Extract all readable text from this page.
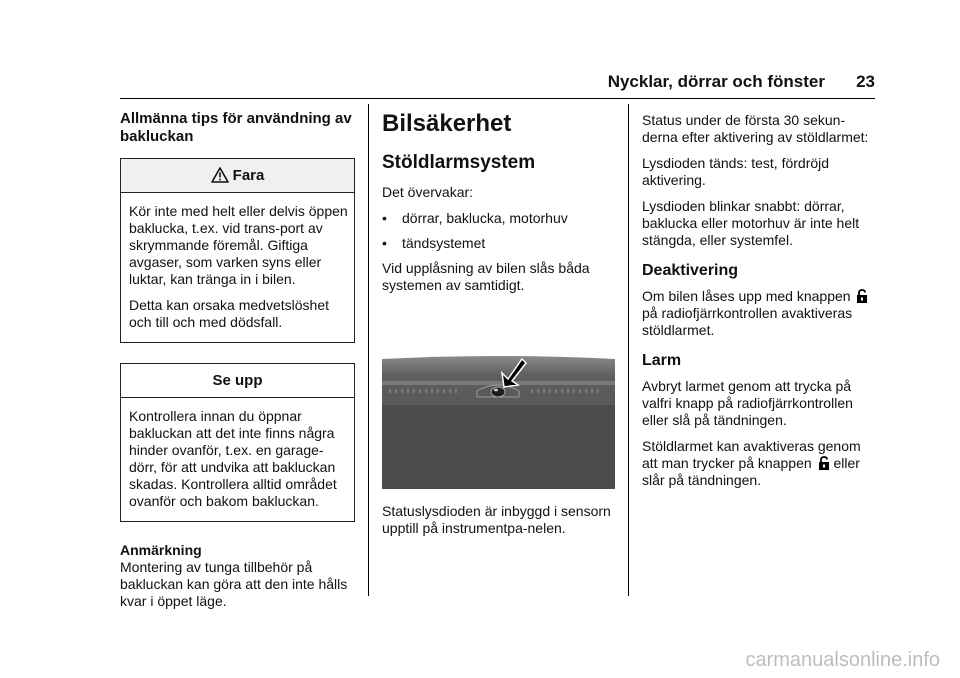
Nycklar, dörrar och fönster 23
Allmänna tips för användning av bakluckan
Fara

Kör inte med helt eller delvis öppen baklucka, t.ex. vid trans-port av skrymmande föremål. Giftiga avgaser, som varken syns eller luktar, kan tränga in i bilen.

Detta kan orsaka medvetslöshet och till och med dödsfall.

Se upp

Kontrollera innan du öppnar bakluckan att det inte finns några hinder ovanför, t.ex. en garage-dörr, för att undvika att bakluckan skadas. Kontrollera alltid området ovanför och bakom bakluckan.

Anmärkning

Montering av tunga tillbehör på bakluckan kan göra att den inte hålls kvar i öppet läge.

Bilsäkerhet
Stöldlarmsystem

Det övervakar:

•	dörrar, baklucka, motorhuv
•	tändsystemet

Vid upplåsning av bilen slås båda systemen av samtidigt.

Statuslysdioden är inbyggd i sensorn upptill på instrumentpa-nelen.

Status under de första 30 sekun-derna efter aktivering av stöldlarmet:

Lysdioden tänds: test, fördröjd aktivering.

Lysdioden blinkar snabbt: dörrar, baklucka eller motorhuv är inte helt stängda, eller systemfel.

Deaktivering

Om bilen låses upp med knappen  på radiofjärrkontrollen avaktiveras stöldlarmet.

Larm

Avbryt larmet genom att trycka på valfri knapp på radiofjärrkontrollen eller slå på tändningen.

Stöldlarmet kan avaktiveras genom att man trycker på knappen eller slår på tändningen.

carmanualsonline.info
